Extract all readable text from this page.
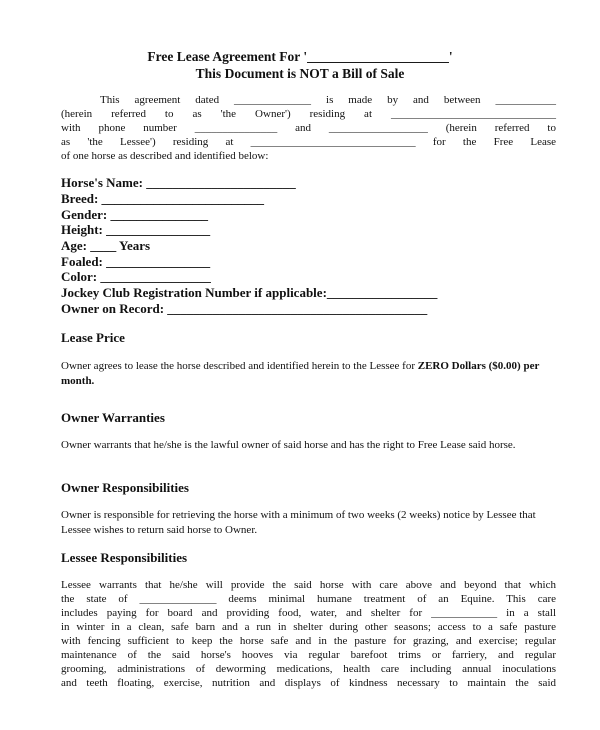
Free Lease Agreement For '_____________________'
This Document is NOT a Bill of Sale
This agreement dated ______________ is made by and between ___________
(herein referred to as 'the Owner') residing at ______________________________
with phone number _______________ and __________________ (herein referred to
as 'the Lessee') residing at ______________________________ for the Free Lease
of one horse as described and identified below:
Horse's Name: _______________________
Breed: _________________________
Gender: _______________
Height: ________________
Age: ____ Years
Foaled: ________________
Color: _________________
Jockey Club Registration Number if applicable:_________________
Owner on Record: ________________________________________
Lease Price
Owner agrees to lease the horse described and identified herein to the Lessee for ZERO Dollars ($0.00) per month.
Owner Warranties
Owner warrants that he/she is the lawful owner of said horse and has the right to Free Lease said horse.
Owner Responsibilities
Owner is responsible for retrieving the horse with a minimum of two weeks (2 weeks) notice by Lessee that Lessee wishes to return said horse to Owner.
Lessee Responsibilities
Lessee warrants that he/she will provide the said horse with care above and beyond that which
the state of ______________ deems minimal humane treatment of an Equine. This care
includes paying for board and providing food, water, and shelter for ____________ in a stall
in winter in a clean, safe barn and a run in shelter during other seasons; access to a safe pasture
with fencing sufficient to keep the horse safe and in the pasture for grazing, and exercise; regular
maintenance of the said horse's hooves via regular barefoot trims or farriery, and regular
grooming, administrations of deworming medications, health care including annual inoculations
and teeth floating, exercise, nutrition and displays of kindness necessary to maintain the said
